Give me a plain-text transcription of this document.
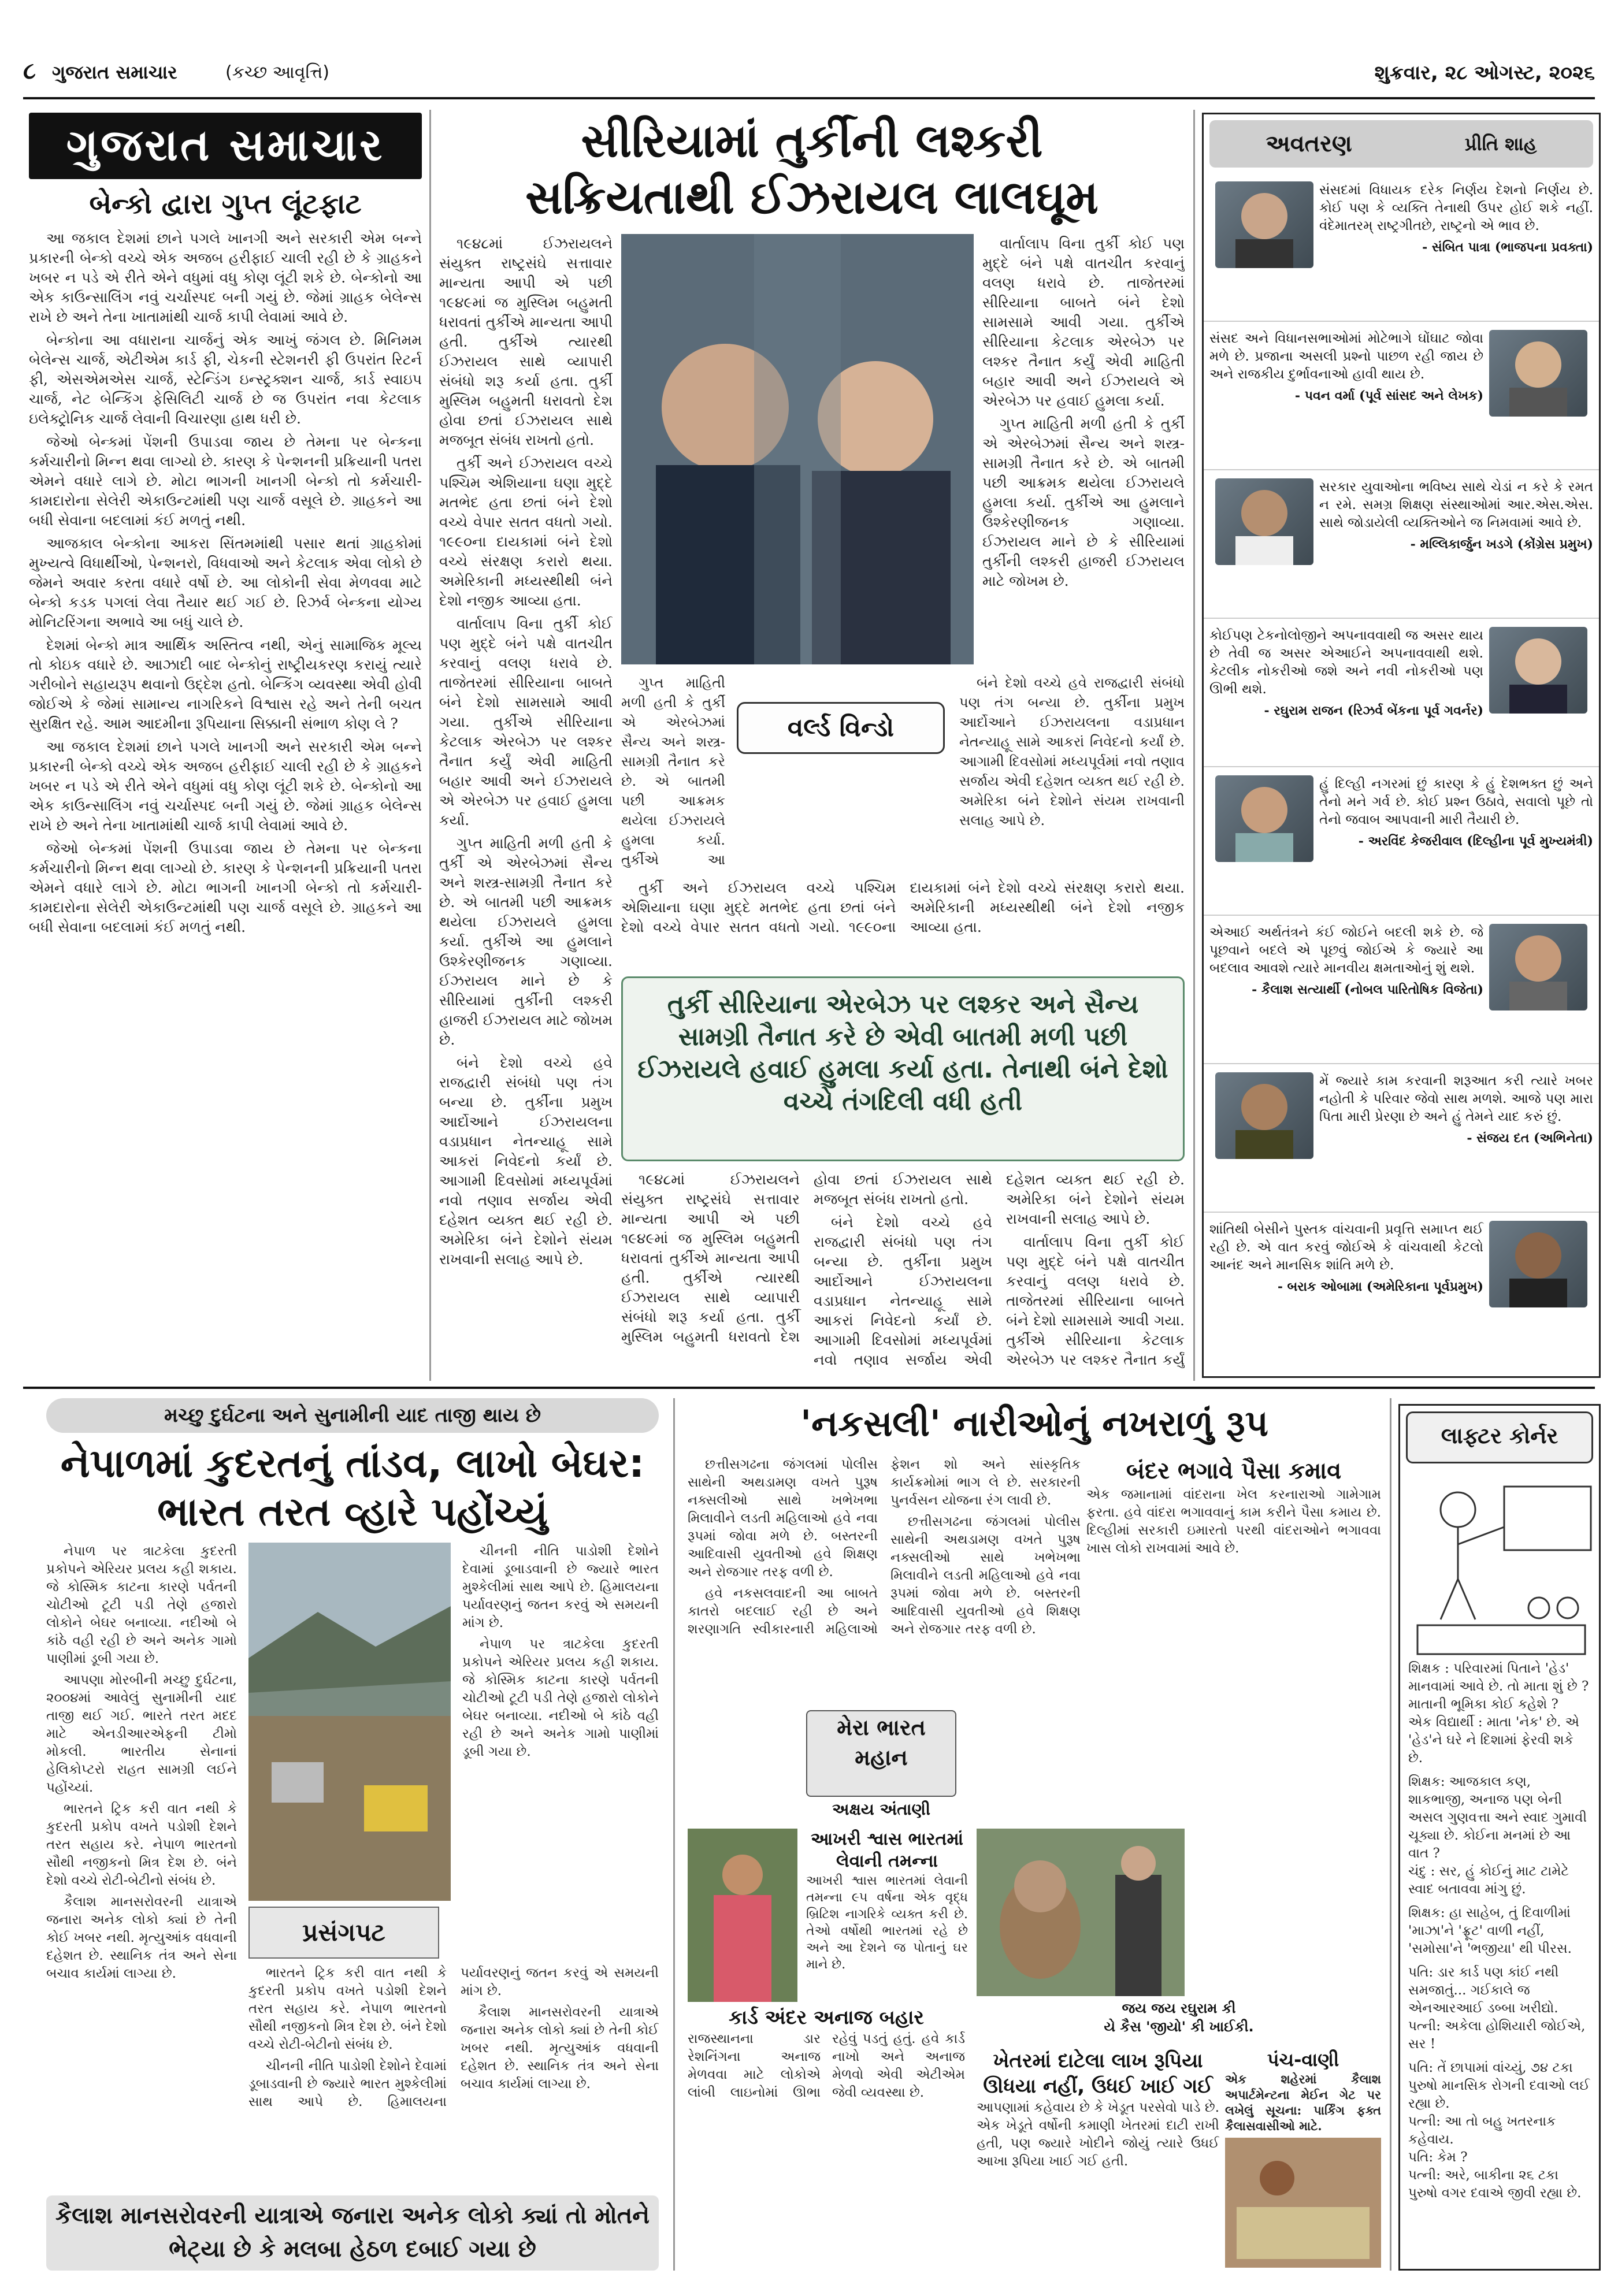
૮ ગુજરાત સમાચાર	(કચ્છ આવૃત્તિ)	શુક્રવાર, ૨૮ ઓગસ્ટ, ૨૦૨૬
ગુજરાત સમાચાર
બેન્કો દ્વારા ગુપ્ત લૂંટફાટ

આ જકાલ દેશમાં છાને પગલે ખાનગી અને સરકારી એમ બન્ને પ્રકારની બેન્કો વચ્ચે એક અજબ હરીફાઈ ચાલી રહી છે કે ગ્રાહકને ખબર ન પડે એ રીતે એને વધુમાં વધુ કોણ લૂંટી શકે છે. બેન્કોનો આ એક કાઉન્સાલિંગ નવું ચર્ચાસ્પદ બની ગયું છે. જેમાં ગ્રાહક બેલેન્સ રાખે છે અને તેના ખાતામાંથી ચાર્જ કાપી લેવામાં આવે છે.

બેન્કોના આ વધારાના ચાર્જનું એક આખું જંગલ છે. મિનિમમ બેલેન્સ ચાર્જ, એટીએમ કાર્ડ ફી, ચેકની સ્ટેશનરી ફી ઉપરાંત રિટર્ન ફી, એસએમએસ ચાર્જ, સ્ટેન્ડિંગ ઇન્સ્ટ્રક્શન ચાર્જ, કાર્ડ સ્વાઇપ ચાર્જ, નેટ બેન્કિંગ ફેસિલિટી ચાર્જ છે જ ઉપરાંત નવા કેટલાક ઇલેક્ટ્રોનિક ચાર્જ લેવાની વિચારણા હાથ ધરી છે.

જેઓ બેન્કમાં પેંશની ઉપાડવા જાય છે તેમના પર બેન્કના કર્મચારીનો મિન્ન થવા લાગ્યો છે. કારણ કે પેન્શનની પ્રક્રિયાની પતરા એમને વધારે લાગે છે. મોટા ભાગની ખાનગી બેન્કો તો કર્મચારી-કામદારોના સેલેરી એકાઉન્ટમાંથી પણ ચાર્જ વસૂલે છે. ગ્રાહકને આ બધી સેવાના બદલામાં કંઈ મળતું નથી.

આજકાલ બેન્કોના આકરા સિંતમમાંથી પસાર થતાં ગ્રાહકોમાં મુખ્યત્વે વિધાર્થીઓ, પેન્શનરો, વિધવાઓ અને કેટલાક એવા લોકો છે જેમને અવાર કરતા વધારે વર્ષો છે. આ લોકોની સેવા મેળવવા માટે બેન્કો કડક પગલાં લેવા તૈયાર થઈ ગઈ છે. રિઝર્વ બેન્કના યોગ્ય મોનિટરિંગના અભાવે આ બધું ચાલે છે.

દેશમાં બેન્કો માત્ર આર્થિક અસ્તિત્વ નથી, એનું સામાજિક મૂલ્ય તો કોઇક વધારે છે. આઝાદી બાદ બેન્કોનું રાષ્ટ્રીયકરણ કરાયું ત્યારે ગરીબોને સહાયરૂપ થવાનો ઉદ્દેશ હતો. બેન્કિંગ વ્યવસ્થા એવી હોવી જોઈએ કે જેમાં સામાન્ય નાગરિકને વિશ્વાસ રહે અને તેની બચત સુરક્ષિત રહે. આમ આદમીના રૂપિયાના સિક્કાની સંભાળ કોણ લે ?

આ જકાલ દેશમાં છાને પગલે ખાનગી અને સરકારી એમ બન્ને પ્રકારની બેન્કો વચ્ચે એક અજબ હરીફાઈ ચાલી રહી છે કે ગ્રાહકને ખબર ન પડે એ રીતે એને વધુમાં વધુ કોણ લૂંટી શકે છે. બેન્કોનો આ એક કાઉન્સાલિંગ નવું ચર્ચાસ્પદ બની ગયું છે. જેમાં ગ્રાહક બેલેન્સ રાખે છે અને તેના ખાતામાંથી ચાર્જ કાપી લેવામાં આવે છે.

જેઓ બેન્કમાં પેંશની ઉપાડવા જાય છે તેમના પર બેન્કના કર્મચારીનો મિન્ન થવા લાગ્યો છે. કારણ કે પેન્શનની પ્રક્રિયાની પતરા એમને વધારે લાગે છે. મોટા ભાગની ખાનગી બેન્કો તો કર્મચારી-કામદારોના સેલેરી એકાઉન્ટમાંથી પણ ચાર્જ વસૂલે છે. ગ્રાહકને આ બધી સેવાના બદલામાં કંઈ મળતું નથી.

સીરિયામાં તુર્કીની લશ્કરી
સક્રિયતાથી ઈઝરાયલ લાલઘૂમ

૧૯૪૮માં ઈઝરાયલને સંયુક્ત રાષ્ટ્રસંઘે સત્તાવાર માન્યતા આપી એ પછી ૧૯૪૯માં જ મુસ્લિમ બહુમતી ધરાવતાં તુર્કીએ માન્યતા આપી હતી. તુર્કીએ ત્યારથી ઈઝરાયલ સાથે વ્યાપારી સંબંધો શરૂ કર્યા હતા. તુર્કી મુસ્લિમ બહુમતી ધરાવતો દેશ હોવા છતાં ઈઝરાયલ સાથે મજબૂત સંબંધ રાખતો હતો.

તુર્કી અને ઈઝરાયલ વચ્ચે પશ્ચિમ એશિયાના ઘણા મુદ્દે મતભેદ હતા છતાં બંને દેશો વચ્ચે વેપાર સતત વધતો ગયો. ૧૯૯૦ના દાયકામાં બંને દેશો વચ્ચે સંરક્ષણ કરારો થયા. અમેરિકાની મધ્યસ્થીથી બંને દેશો નજીક આવ્યા હતા.

વાર્તાલાપ વિના તુર્કી કોઈ પણ મુદ્દે બંને પક્ષે વાતચીત કરવાનું વલણ ધરાવે છે. તાજેતરમાં સીરિયાના બાબતે બંને દેશો સામસામે આવી ગયા. તુર્કીએ સીરિયાના કેટલાક એરબેઝ પર લશ્કર તૈનાત કર્યું એવી માહિતી બહાર આવી અને ઈઝરાયલે એ એરબેઝ પર હવાઈ હુમલા કર્યા.

ગુપ્ત માહિતી મળી હતી કે તુર્કી એ એરબેઝમાં સૈન્ય અને શસ્ત્ર-સામગ્રી તૈનાત કરે છે. એ બાતમી પછી આક્રમક થયેલા ઈઝરાયલે હુમલા કર્યા. તુર્કીએ આ હુમલાને ઉશ્કેરણીજનક ગણાવ્યા. ઈઝરાયલ માને છે કે સીરિયામાં તુર્કીની લશ્કરી હાજરી ઈઝરાયલ માટે જોખમ છે.

બંને દેશો વચ્ચે હવે રાજદ્વારી સંબંધો પણ તંગ બન્યા છે. તુર્કીના પ્રમુખ આર્દોઆને ઈઝરાયલના વડાપ્રધાન નેતન્યાહૂ સામે આકરાં નિવેદનો કર્યાં છે. આગામી દિવસોમાં મધ્યપૂર્વમાં નવો તણાવ સર્જાય એવી દહેશત વ્યક્ત થઈ રહી છે. અમેરિકા બંને દેશોને સંયમ રાખવાની સલાહ આપે છે.

વાર્તાલાપ વિના તુર્કી કોઈ પણ મુદ્દે બંને પક્ષે વાતચીત કરવાનું વલણ ધરાવે છે. તાજેતરમાં સીરિયાના બાબતે બંને દેશો સામસામે આવી ગયા. તુર્કીએ સીરિયાના કેટલાક એરબેઝ પર લશ્કર તૈનાત કર્યું એવી માહિતી બહાર આવી અને ઈઝરાયલે એ એરબેઝ પર હવાઈ હુમલા કર્યા.

ગુપ્ત માહિતી મળી હતી કે તુર્કી એ એરબેઝમાં સૈન્ય અને શસ્ત્ર-સામગ્રી તૈનાત કરે છે. એ બાતમી પછી આક્રમક થયેલા ઈઝરાયલે હુમલા કર્યા. તુર્કીએ આ હુમલાને ઉશ્કેરણીજનક ગણાવ્યા. ઈઝરાયલ માને છે કે સીરિયામાં તુર્કીની લશ્કરી હાજરી ઈઝરાયલ માટે જોખમ છે.

વર્લ્ડ વિન્ડો

ગુપ્ત માહિતી મળી હતી કે તુર્કી એ એરબેઝમાં સૈન્ય અને શસ્ત્ર-સામગ્રી તૈનાત કરે છે. એ બાતમી પછી આક્રમક થયેલા ઈઝરાયલે હુમલા કર્યા. તુર્કીએ આ

બંને દેશો વચ્ચે હવે રાજદ્વારી સંબંધો પણ તંગ બન્યા છે. તુર્કીના પ્રમુખ આર્દોઆને ઈઝરાયલના વડાપ્રધાન નેતન્યાહૂ સામે આકરાં નિવેદનો કર્યાં છે. આગામી દિવસોમાં મધ્યપૂર્વમાં નવો તણાવ સર્જાય એવી દહેશત વ્યક્ત થઈ રહી છે. અમેરિકા બંને દેશોને સંયમ રાખવાની સલાહ આપે છે.

તુર્કી અને ઈઝરાયલ વચ્ચે પશ્ચિમ એશિયાના ઘણા મુદ્દે મતભેદ હતા છતાં બંને દેશો વચ્ચે વેપાર સતત વધતો ગયો. ૧૯૯૦ના દાયકામાં બંને દેશો વચ્ચે સંરક્ષણ કરારો થયા. અમેરિકાની મધ્યસ્થીથી બંને દેશો નજીક આવ્યા હતા.

તુર્કી સીરિયાના એરબેઝ પર લશ્કર અને સૈન્ય સામગ્રી તૈનાત કરે છે એવી બાતમી મળી પછી ઈઝરાયલે હવાઈ હુમલા કર્યા હતા. તેનાથી બંને દેશો વચ્ચે તંગદિલી વધી હતી

૧૯૪૮માં ઈઝરાયલને સંયુક્ત રાષ્ટ્રસંઘે સત્તાવાર માન્યતા આપી એ પછી ૧૯૪૯માં જ મુસ્લિમ બહુમતી ધરાવતાં તુર્કીએ માન્યતા આપી હતી. તુર્કીએ ત્યારથી ઈઝરાયલ સાથે વ્યાપારી સંબંધો શરૂ કર્યા હતા. તુર્કી મુસ્લિમ બહુમતી ધરાવતો દેશ હોવા છતાં ઈઝરાયલ સાથે મજબૂત સંબંધ રાખતો હતો.

બંને દેશો વચ્ચે હવે રાજદ્વારી સંબંધો પણ તંગ બન્યા છે. તુર્કીના પ્રમુખ આર્દોઆને ઈઝરાયલના વડાપ્રધાન નેતન્યાહૂ સામે આકરાં નિવેદનો કર્યાં છે. આગામી દિવસોમાં મધ્યપૂર્વમાં નવો તણાવ સર્જાય એવી દહેશત વ્યક્ત થઈ રહી છે. અમેરિકા બંને દેશોને સંયમ રાખવાની સલાહ આપે છે.

વાર્તાલાપ વિના તુર્કી કોઈ પણ મુદ્દે બંને પક્ષે વાતચીત કરવાનું વલણ ધરાવે છે. તાજેતરમાં સીરિયાના બાબતે બંને દેશો સામસામે આવી ગયા. તુર્કીએ સીરિયાના કેટલાક એરબેઝ પર લશ્કર તૈનાત કર્યું

અવતરણ	પ્રીતિ શાહ
સંસદમાં વિધાયક દરેક નિર્ણય દેશનો નિર્ણય છે. કોઈ પણ કે વ્યક્તિ તેનાથી ઉપર હોઈ શકે નહીં. વંદેમાતરમ્ રાષ્ટ્રગીતછે, રાષ્ટ્રનો એ ભાવ છે.
- સંબિત પાત્રા (ભાજપના પ્રવક્તા)
સંસદ અને વિધાનસભાઓમાં મોટેભાગે ઘોંઘાટ જોવા મળે છે. પ્રજાના અસલી પ્રશ્નો પાછળ રહી જાય છે અને રાજકીય દુર્ભાવનાઓ હાવી થાય છે.
- પવન વર્મા (પૂર્વ સાંસદ અને લેખક)
સરકાર યુવાઓના ભવિષ્ય સાથે ચેડાં ન કરે કે રમત ન રમે. સમગ્ર શિક્ષણ સંસ્થાઓમાં આર.એસ.એસ. સાથે જોડાયેલી વ્યક્તિઓને જ નિમવામાં આવે છે.
- મલ્લિકાર્જુન ખડગે (કોંગ્રેસ પ્રમુખ)
કોઈપણ ટેકનોલોજીને અપનાવવાથી જ અસર થાય છે તેવી જ અસર એઆઈને અપનાવવાથી થશે. કેટલીક નોકરીઓ જશે અને નવી નોકરીઓ પણ ઊભી થશે.
- રઘુરામ રાજન (રિઝર્વ બેંકના પૂર્વ ગવર્નર)
હું દિલ્હી નગરમાં છું કારણ કે હું દેશભક્ત છું અને તેનો મને ગર્વ છે. કોઈ પ્રશ્ન ઉઠાવે, સવાલો પૂછે તો તેનો જવાબ આપવાની મારી તૈયારી છે.
- અરવિંદ કેજરીવાલ (દિલ્હીના પૂર્વ મુખ્યમંત્રી)
એઆઈ અર્થતંત્રને કંઈ જોઈને બદલી શકે છે. જે પૂછવાને બદલે એ પૂછવું જોઈએ કે જ્યારે આ બદલાવ આવશે ત્યારે માનવીય ક્ષમતાઓનું શું થશે.
- કૈલાશ સત્યાર્થી (નોબલ પારિતોષિક વિજેતા)
મેં જ્યારે કામ કરવાની શરૂઆત કરી ત્યારે ખબર નહોતી કે પરિવાર જેવો સાથ મળશે. આજે પણ મારા પિતા મારી પ્રેરણા છે અને હું તેમને યાદ કરું છું.
- સંજય દત (અભિનેતા)
શાંતિથી બેસીને પુસ્તક વાંચવાની પ્રવૃત્તિ સમાપ્ત થઈ રહી છે. એ વાત કરવું જોઈએ કે વાંચવાથી કેટલો આનંદ અને માનસિક શાંતિ મળે છે.
- બરાક ઓબામા (અમેરિકાના પૂર્વપ્રમુખ)
મચ્છુ દુર્ઘટના અને સુનામીની યાદ તાજી થાય છે
નેપાળમાં કુદરતનું તાંડવ, લાખો બેઘર: ભારત તરત વ્હારે પહોંચ્યું

નેપાળ પર ત્રાટકેલા કુદરતી પ્રકોપને એરિયર પ્રલય કહી શકાય. જે કોસ્મિક કાટના કારણે પર્વતની ચોટીઓ ટૂટી પડી તેણે હજારો લોકોને બેઘર બનાવ્યા. નદીઓ બે કાંઠે વહી રહી છે અને અનેક ગામો પાણીમાં ડૂબી ગયા છે.

આપણા મોરબીની મચ્છુ દુર્ઘટના, ૨૦૦૪માં આવેલું સુનામીની યાદ તાજી થઈ ગઈ. ભારતે તરત મદદ માટે એનડીઆરએફની ટીમો મોકલી. ભારતીય સેનાનાં હેલિકોપ્ટરો રાહત સામગ્રી લઈને પહોંચ્યાં.

ભારતને ટ્રિક કરી વાત નથી કે કુદરતી પ્રકોપ વખતે પડોશી દેશને તરત સહાય કરે. નેપાળ ભારતનો સૌથી નજીકનો મિત્ર દેશ છે. બંને દેશો વચ્ચે રોટી-બેટીનો સંબંધ છે.

કૈલાશ માનસરોવરની યાત્રાએ જનારા અનેક લોકો ક્યાં છે તેની કોઈ ખબર નથી. મૃત્યુઆંક વધવાની દહેશત છે. સ્થાનિક તંત્ર અને સેના બચાવ કાર્યમાં લાગ્યા છે.

ચીનની નીતિ પાડોશી દેશોને દેવામાં ડૂબાડવાની છે જ્યારે ભારત મુશ્કેલીમાં સાથ આપે છે. હિમાલયના પર્યાવરણનું જતન કરવું એ સમયની માંગ છે.

નેપાળ પર ત્રાટકેલા કુદરતી પ્રકોપને એરિયર પ્રલય કહી શકાય. જે કોસ્મિક કાટના કારણે પર્વતની ચોટીઓ ટૂટી પડી તેણે હજારો લોકોને બેઘર બનાવ્યા. નદીઓ બે કાંઠે વહી રહી છે અને અનેક ગામો પાણીમાં ડૂબી ગયા છે.

પ્રસંગપટ

ભારતને ટ્રિક કરી વાત નથી કે કુદરતી પ્રકોપ વખતે પડોશી દેશને તરત સહાય કરે. નેપાળ ભારતનો સૌથી નજીકનો મિત્ર દેશ છે. બંને દેશો વચ્ચે રોટી-બેટીનો સંબંધ છે.

ચીનની નીતિ પાડોશી દેશોને દેવામાં ડૂબાડવાની છે જ્યારે ભારત મુશ્કેલીમાં સાથ આપે છે. હિમાલયના પર્યાવરણનું જતન કરવું એ સમયની માંગ છે.

કૈલાશ માનસરોવરની યાત્રાએ જનારા અનેક લોકો ક્યાં છે તેની કોઈ ખબર નથી. મૃત્યુઆંક વધવાની દહેશત છે. સ્થાનિક તંત્ર અને સેના બચાવ કાર્યમાં લાગ્યા છે.

કૈલાશ માનસરોવરની યાત્રાએ જનારા અનેક લોકો ક્યાં તો મોતને ભેટ્યા છે કે મલબા હેઠળ દબાઈ ગયા છે
'નકસલી' નારીઓનું નખરાળું રૂપ

છત્તીસગઢના જંગલમાં પોલીસ સાથેની અથડામણ વખતે પુરૂષ નક્સલીઓ સાથે ખભેખભા મિલાવીને લડતી મહિલાઓ હવે નવા રૂપમાં જોવા મળે છે. બસ્તરની આદિવાસી યુવતીઓ હવે શિક્ષણ અને રોજગાર તરફ વળી છે.

હવે નકસલવાદની આ બાબતે કાતરો બદલાઈ રહી છે અને શરણાગતિ સ્વીકારનારી મહિલાઓ ફેશન શો અને સાંસ્કૃતિક કાર્યક્રમોમાં ભાગ લે છે. સરકારની પુનર્વસન યોજના રંગ લાવી છે.

છત્તીસગઢના જંગલમાં પોલીસ સાથેની અથડામણ વખતે પુરૂષ નક્સલીઓ સાથે ખભેખભા મિલાવીને લડતી મહિલાઓ હવે નવા રૂપમાં જોવા મળે છે. બસ્તરની આદિવાસી યુવતીઓ હવે શિક્ષણ અને રોજગાર તરફ વળી છે.

મેરા ભારત
મહાન
અક્ષય અંતાણી
બંદર ભગાવે પૈસા કમાવ
એક જમાનામાં વાંદરાના ખેલ કરનારાઓ ગામેગામ ફરતા. હવે વાંદરા ભગાવવાનું કામ કરીને પૈસા કમાય છે. દિલ્હીમાં સરકારી ઇમારતો પરથી વાંદરાઓને ભગાવવા ખાસ લોકો રાખવામાં આવે છે.
આખરી શ્વાસ ભારતમાં લેવાની તમન્ના
આખરી શ્વાસ ભારતમાં લેવાની તમન્ના ૯૫ વર્ષના એક વૃદ્ધ બ્રિટિશ નાગરિકે વ્યક્ત કરી છે. તેઓ વર્ષોથી ભારતમાં રહે છે અને આ દેશને જ પોતાનું ઘર માને છે.
કાર્ડ અંદર અનાજ બહાર
રાજસ્થાનના ડાર રેશનિંગના અનાજ મેળવવા માટે લોકોએ લાંબી લાઇનોમાં ઊભા રહેવું પડતું હતું. હવે કાર્ડ નાખો અને અનાજ મેળવો એવી એટીએમ જેવી વ્યવસ્થા છે.
જય જય રઘુરામ કી
યે કૈસ 'જીયો' કી ખાઈકી.
ખેતરમાં દાટેલા લાખ રૂપિયા ઊધયા નહીં, ઉધઈ ખાઈ ગઈ
આપણામાં કહેવાય છે કે ખેડૂત પરસેવો પાડે છે. એક ખેડૂતે વર્ષોની કમાણી ખેતરમાં દાટી રાખી હતી, પણ જ્યારે ખોદીને જોયું ત્યારે ઉધઈ આખા રૂપિયા ખાઈ ગઈ હતી.
પંચ-વાણી
એક શહેરમાં કૈલાશ અપાર્ટમેન્ટના મેઈન ગેટ પર લખેલું સૂચના: પાર્કિંગ ફક્ત કૈલાસવાસીઓ માટે.
લાફ્ટર કોર્નર

શિક્ષક : પરિવારમાં પિતાને 'હેડ' માનવામાં આવે છે. તો માતા શું છે ? માતાની ભૂમિકા કોઈ કહેશે ?
એક વિદ્યાર્થી : માતા 'નેક' છે. એ 'હેડ'ને ઘરે ને દિશામાં ફેરવી શકે છે.

શિક્ષક: આજકાલ કણ, શાકભાજી, અનાજ પણ બેની અસલ ગુણવત્તા અને સ્વાદ ગુમાવી ચૂક્યા છે. કોઈના મનમાં છે આ વાત ?
ચંદુ : સર, હું કોઈનું માટ ટામેટે સ્વાદ બતાવવા માંગુ છું.

શિક્ષક: હા સાહેબ, તું દિવાળીમાં 'માઝા'ને 'ફ્રૂટ' વાળી નહીં, 'સમોસા'ને 'ભજીયા' થી પીરસ.

પતિ: ડાર કાર્ડ પણ કાંઈ નથી સમજાતું... ગઈકાલે જ એનઆરઆઈ ડબ્બા ખરીદ્યો.
પત્ની: અકેલા હોશિયારી જોઈએ, સર !

પતિ: તેં છાપામાં વાંચ્યું, ૭૪ ટકા પુરુષો માનસિક રોગની દવાઓ લઈ રહ્યા છે.
પત્ની: આ તો બહુ ખતરનાક કહેવાય.
પતિ: કેમ ?
પત્ની: અરે, બાકીના ૨૬ ટકા પુરુષો વગર દવાએ જીવી રહ્યા છે.
